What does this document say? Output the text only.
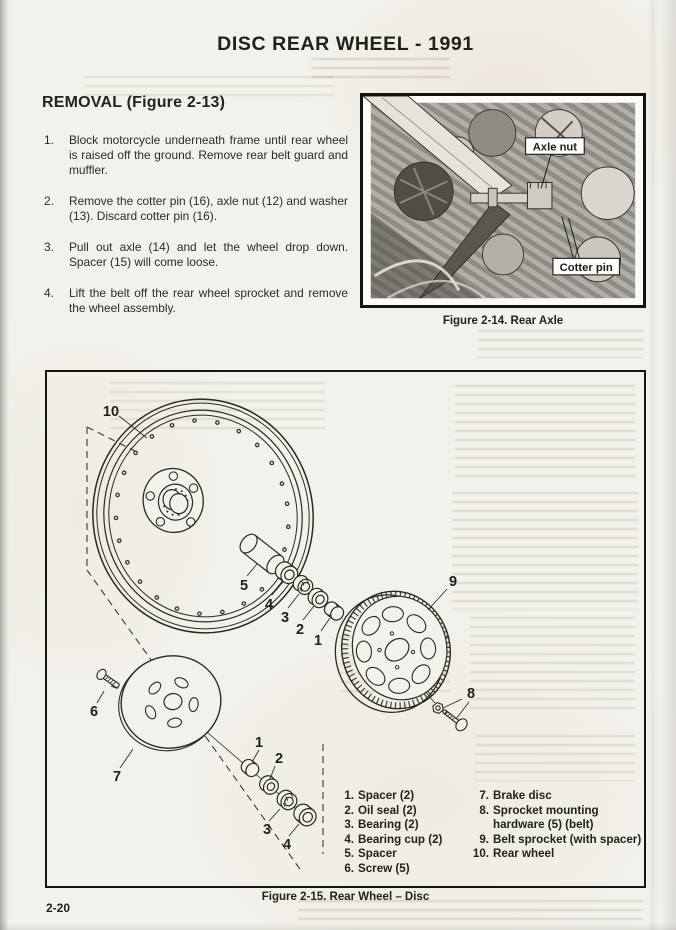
DISC REAR WHEEL - 1991
REMOVAL (Figure 2-13)
1. Block motorcycle underneath frame until rear wheel is raised off the ground. Remove rear belt guard and muffler.

2. Remove the cotter pin (16), axle nut (12) and washer (13). Discard cotter pin (16).

3. Pull out axle (14) and let the wheel drop down. Spacer (15) will come loose.

4. Lift the belt off the rear wheel sprocket and remove the wheel assembly.

Axle nut
Cotter pin
Figure 2-14. Rear Axle
10
5
4
3
2
1
9
8
6
7
1
2
3
4
1. Spacer (2)
2. Oil seal (2)
3. Bearing (2)
4. Bearing cup (2)
5. Spacer
6. Screw (5)
7. Brake disc
8. Sprocket mounting hardware (5) (belt)
9. Belt sprocket (with spacer)
10. Rear wheel
Figure 2-15. Rear Wheel – Disc
2-20
